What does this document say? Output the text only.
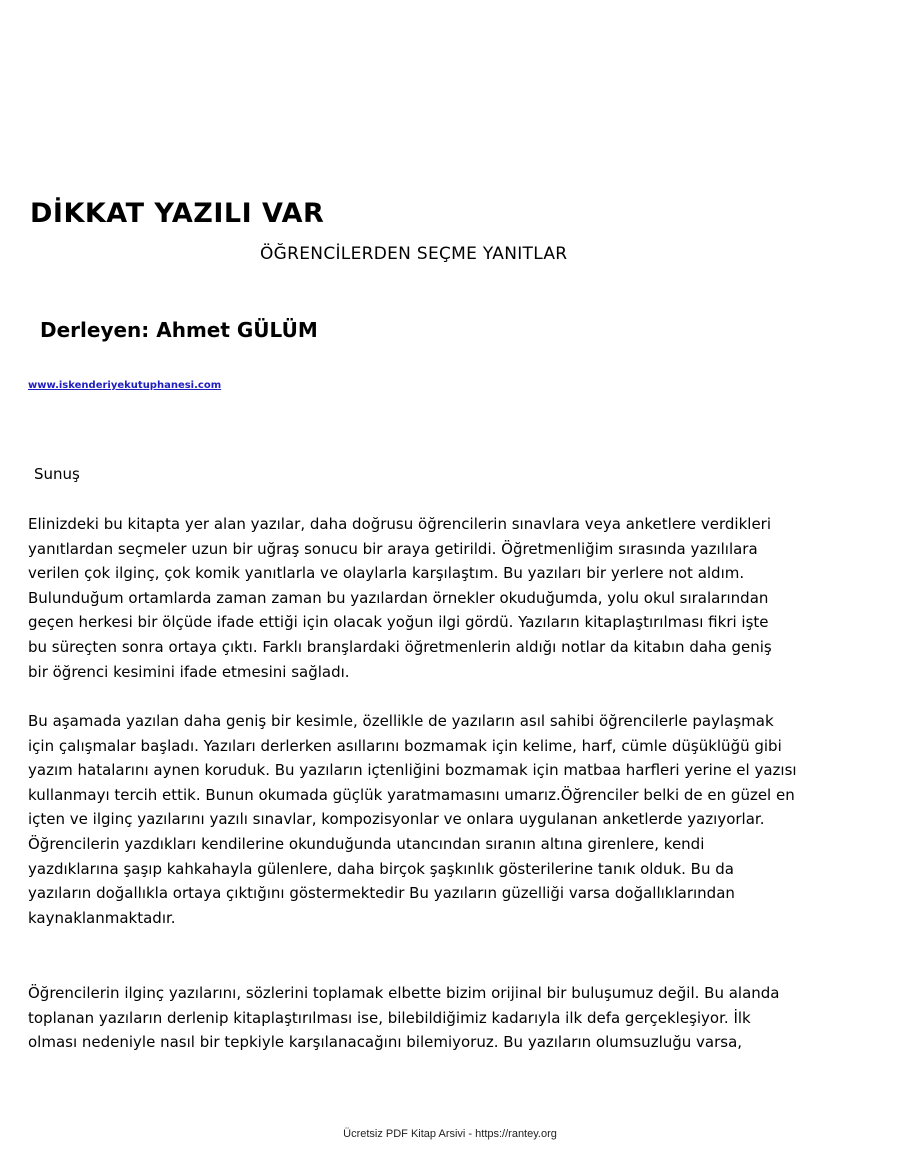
DİKKAT YAZILI VAR
ÖĞRENCİLERDEN SEÇME YANITLAR
Derleyen: Ahmet GÜLÜM
www.iskenderiyekutuphanesi.com
Sunuş
Elinizdeki bu kitapta yer alan yazılar, daha doğrusu öğrencilerin sınavlara veya anketlere verdikleri
yanıtlardan seçmeler uzun bir uğraş sonucu bir araya getirildi. Öğretmenliğim sırasında yazılılara
verilen çok ilginç, çok komik yanıtlarla ve olaylarla karşılaştım. Bu yazıları bir yerlere not aldım.
Bulunduğum ortamlarda zaman zaman bu yazılardan örnekler okuduğumda, yolu okul sıralarından
geçen herkesi bir ölçüde ifade ettiği için olacak yoğun ilgi gördü. Yazıların kitaplaştırılması fikri işte
bu süreçten sonra ortaya çıktı. Farklı branşlardaki öğretmenlerin aldığı notlar da kitabın daha geniş
bir öğrenci kesimini ifade etmesini sağladı.
Bu aşamada yazılan daha geniş bir kesimle, özellikle de yazıların asıl sahibi öğrencilerle paylaşmak
için çalışmalar başladı. Yazıları derlerken asıllarını bozmamak için kelime, harf, cümle düşüklüğü gibi
yazım hatalarını aynen koruduk. Bu yazıların içtenliğini bozmamak için matbaa harfleri yerine el yazısı
kullanmayı tercih ettik. Bunun okumada güçlük yaratmamasını umarız.Öğrenciler belki de en güzel en
içten ve ilginç yazılarını yazılı sınavlar, kompozisyonlar ve onlara uygulanan anketlerde yazıyorlar.
Öğrencilerin yazdıkları kendilerine okunduğunda utancından sıranın altına girenlere, kendi
yazdıklarına şaşıp kahkahayla gülenlere, daha birçok şaşkınlık gösterilerine tanık olduk. Bu da
yazıların doğallıkla ortaya çıktığını göstermektedir Bu yazıların güzelliği varsa doğallıklarından
kaynaklanmaktadır.
Öğrencilerin ilginç yazılarını, sözlerini toplamak elbette bizim orijinal bir buluşumuz değil. Bu alanda
toplanan yazıların derlenip kitaplaştırılması ise, bilebildiğimiz kadarıyla ilk defa gerçekleşiyor. İlk
olması nedeniyle nasıl bir tepkiyle karşılanacağını bilemiyoruz. Bu yazıların olumsuzluğu varsa,
Ücretsiz PDF Kitap Arsivi - https://rantey.org
